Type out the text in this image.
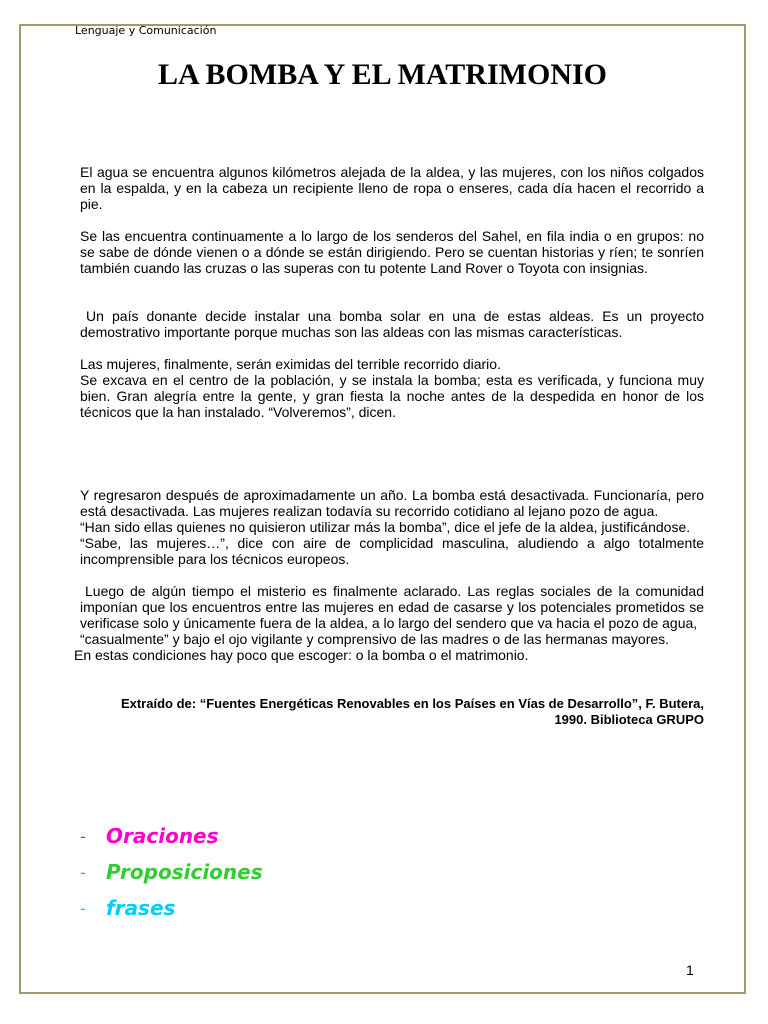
Lenguaje y Comunicación
LA BOMBA Y EL MATRIMONIO

El agua se encuentra algunos kilómetros alejada de la aldea, y las mujeres, con los niños colgados en la espalda, y en la cabeza un recipiente lleno de ropa o enseres, cada día hacen el recorrido a pie.

Se las encuentra continuamente a lo largo de los senderos del Sahel, en fila india o en grupos: no se sabe de dónde vienen o a dónde se están dirigiendo. Pero se cuentan historias y ríen; te sonríen también cuando las cruzas o las superas con tu potente Land Rover o Toyota con insignias.

Un país donante decide instalar una bomba solar en una de estas aldeas. Es un proyecto demostrativo importante porque muchas son las aldeas con las mismas características.

Las mujeres, finalmente, serán eximidas del terrible recorrido diario.

Se excava en el centro de la población, y se instala la bomba; esta es verificada, y funciona muy bien. Gran alegría entre la gente, y gran fiesta la noche antes de la despedida en honor de los técnicos que la han instalado. “Volveremos”, dicen.

Y regresaron después de aproximadamente un año. La bomba está desactivada. Funcionaría, pero está desactivada. Las mujeres realizan todavía su recorrido cotidiano al lejano pozo de agua.

“Han sido ellas quienes no quisieron utilizar más la bomba”, dice el jefe de la aldea, justificándose.

“Sabe, las mujeres…”, dice con aire de complicidad masculina, aludiendo a algo totalmente incomprensible para los técnicos europeos.

Luego de algún tiempo el misterio es finalmente aclarado. Las reglas sociales de la comunidad imponían que los encuentros entre las mujeres en edad de casarse y los potenciales prometidos se verificase solo y únicamente fuera de la aldea, a lo largo del sendero que va hacia el pozo de agua,

“casualmente” y bajo el ojo vigilante y comprensivo de las madres o de las hermanas mayores.

En estas condiciones hay poco que escoger: o la bomba o el matrimonio.

Extraído de: “Fuentes Energéticas Renovables en los Países en Vías de Desarrollo”, F. Butera, 1990. Biblioteca GRUPO
-	Oraciones
-	Proposiciones
-	frases
1
